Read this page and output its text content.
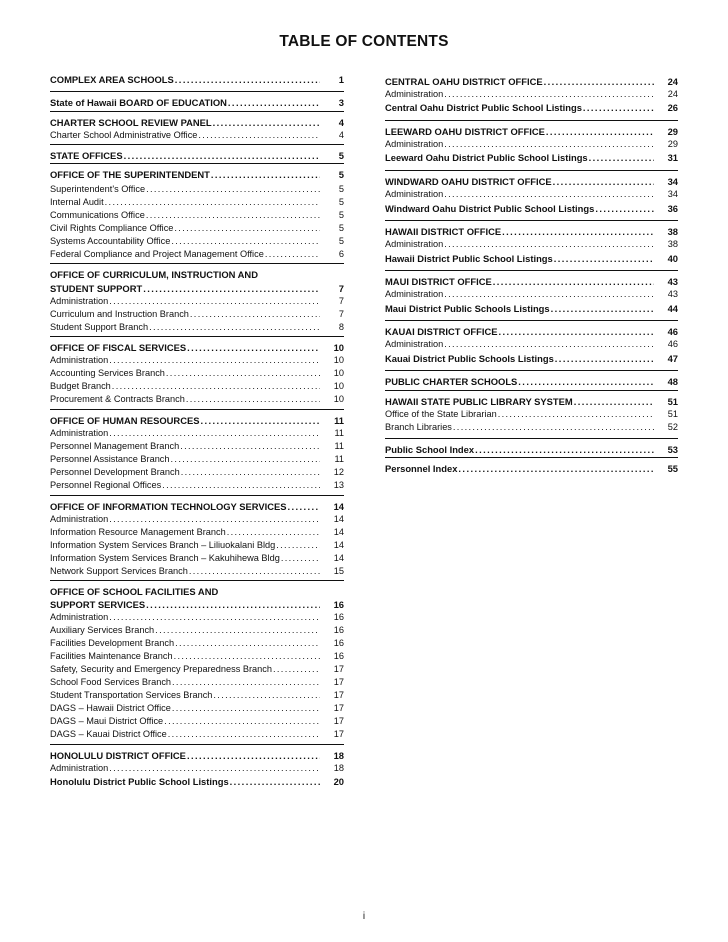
TABLE OF CONTENTS
COMPLEX AREA SCHOOLS . . .	1
State of Hawaii BOARD OF EDUCATION . . .	3
CHARTER SCHOOL REVIEW PANEL . . .	4
Charter School Administrative Office . . .	4
STATE OFFICES . . .	5
OFFICE OF THE SUPERINTENDENT . . .	5
Superintendent's Office . . .	5
Internal Audit . . .	5
Communications Office . . .	5
Civil Rights Compliance Office . . .	5
Systems Accountability Office . . .	5
Federal Compliance and Project Management Office . . .	6
OFFICE OF CURRICULUM, INSTRUCTION AND
STUDENT SUPPORT . . .	7
Administration . . .	7
Curriculum and Instruction Branch . . .	7
Student Support Branch . . .	8
OFFICE OF FISCAL SERVICES . . .	10
Administration . . .	10
Accounting Services Branch . . .	10
Budget Branch . . .	10
Procurement & Contracts Branch . . .	10
OFFICE OF HUMAN RESOURCES . . .	11
Administration . . .	11
Personnel Management Branch . . .	11
Personnel Assistance Branch . . .	11
Personnel Development Branch . . .	12
Personnel Regional Offices . . .	13
OFFICE OF INFORMATION TECHNOLOGY SERVICES . . .	14
Administration . . .	14
Information Resource Management Branch . . .	14
Information System Services Branch – Liliuokalani Bldg . . .	14
Information System Services Branch – Kakuhihewa Bldg . . .	14
Network Support Services Branch . . .	15
OFFICE OF SCHOOL FACILITIES AND
SUPPORT SERVICES . . .	16
Administration . . .	16
Auxiliary Services Branch . . .	16
Facilities Development Branch . . .	16
Facilities Maintenance Branch . . .	16
Safety, Security and Emergency Preparedness Branch . . .	17
School Food Services Branch . . .	17
Student Transportation Services Branch . . .	17
DAGS – Hawaii District Office . . .	17
DAGS – Maui District Office . . .	17
DAGS – Kauai District Office . . .	17
HONOLULU DISTRICT OFFICE . . .	18
Administration . . .	18
Honolulu District Public School Listings . . .	20
CENTRAL OAHU DISTRICT OFFICE . . .	24
Administration . . .	24
Central Oahu District Public School Listings . . .	26
LEEWARD OAHU DISTRICT OFFICE . . .	29
Administration . . .	29
Leeward Oahu District Public School Listings . . .	31
WINDWARD OAHU DISTRICT OFFICE . . .	34
Administration . . .	34
Windward Oahu District Public School Listings . . .	36
HAWAII DISTRICT OFFICE . . .	38
Administration . . .	38
Hawaii District Public School Listings . . .	40
MAUI DISTRICT OFFICE . . .	43
Administration . . .	43
Maui District Public Schools Listings . . .	44
KAUAI DISTRICT OFFICE . . .	46
Administration . . .	46
Kauai District Public Schools Listings . . .	47
PUBLIC CHARTER SCHOOLS . . .	48
HAWAII STATE PUBLIC LIBRARY SYSTEM . . .	51
Office of the State Librarian . . .	51
Branch Libraries . . .	52
Public School Index . . .	53
Personnel Index . . .	55
i
